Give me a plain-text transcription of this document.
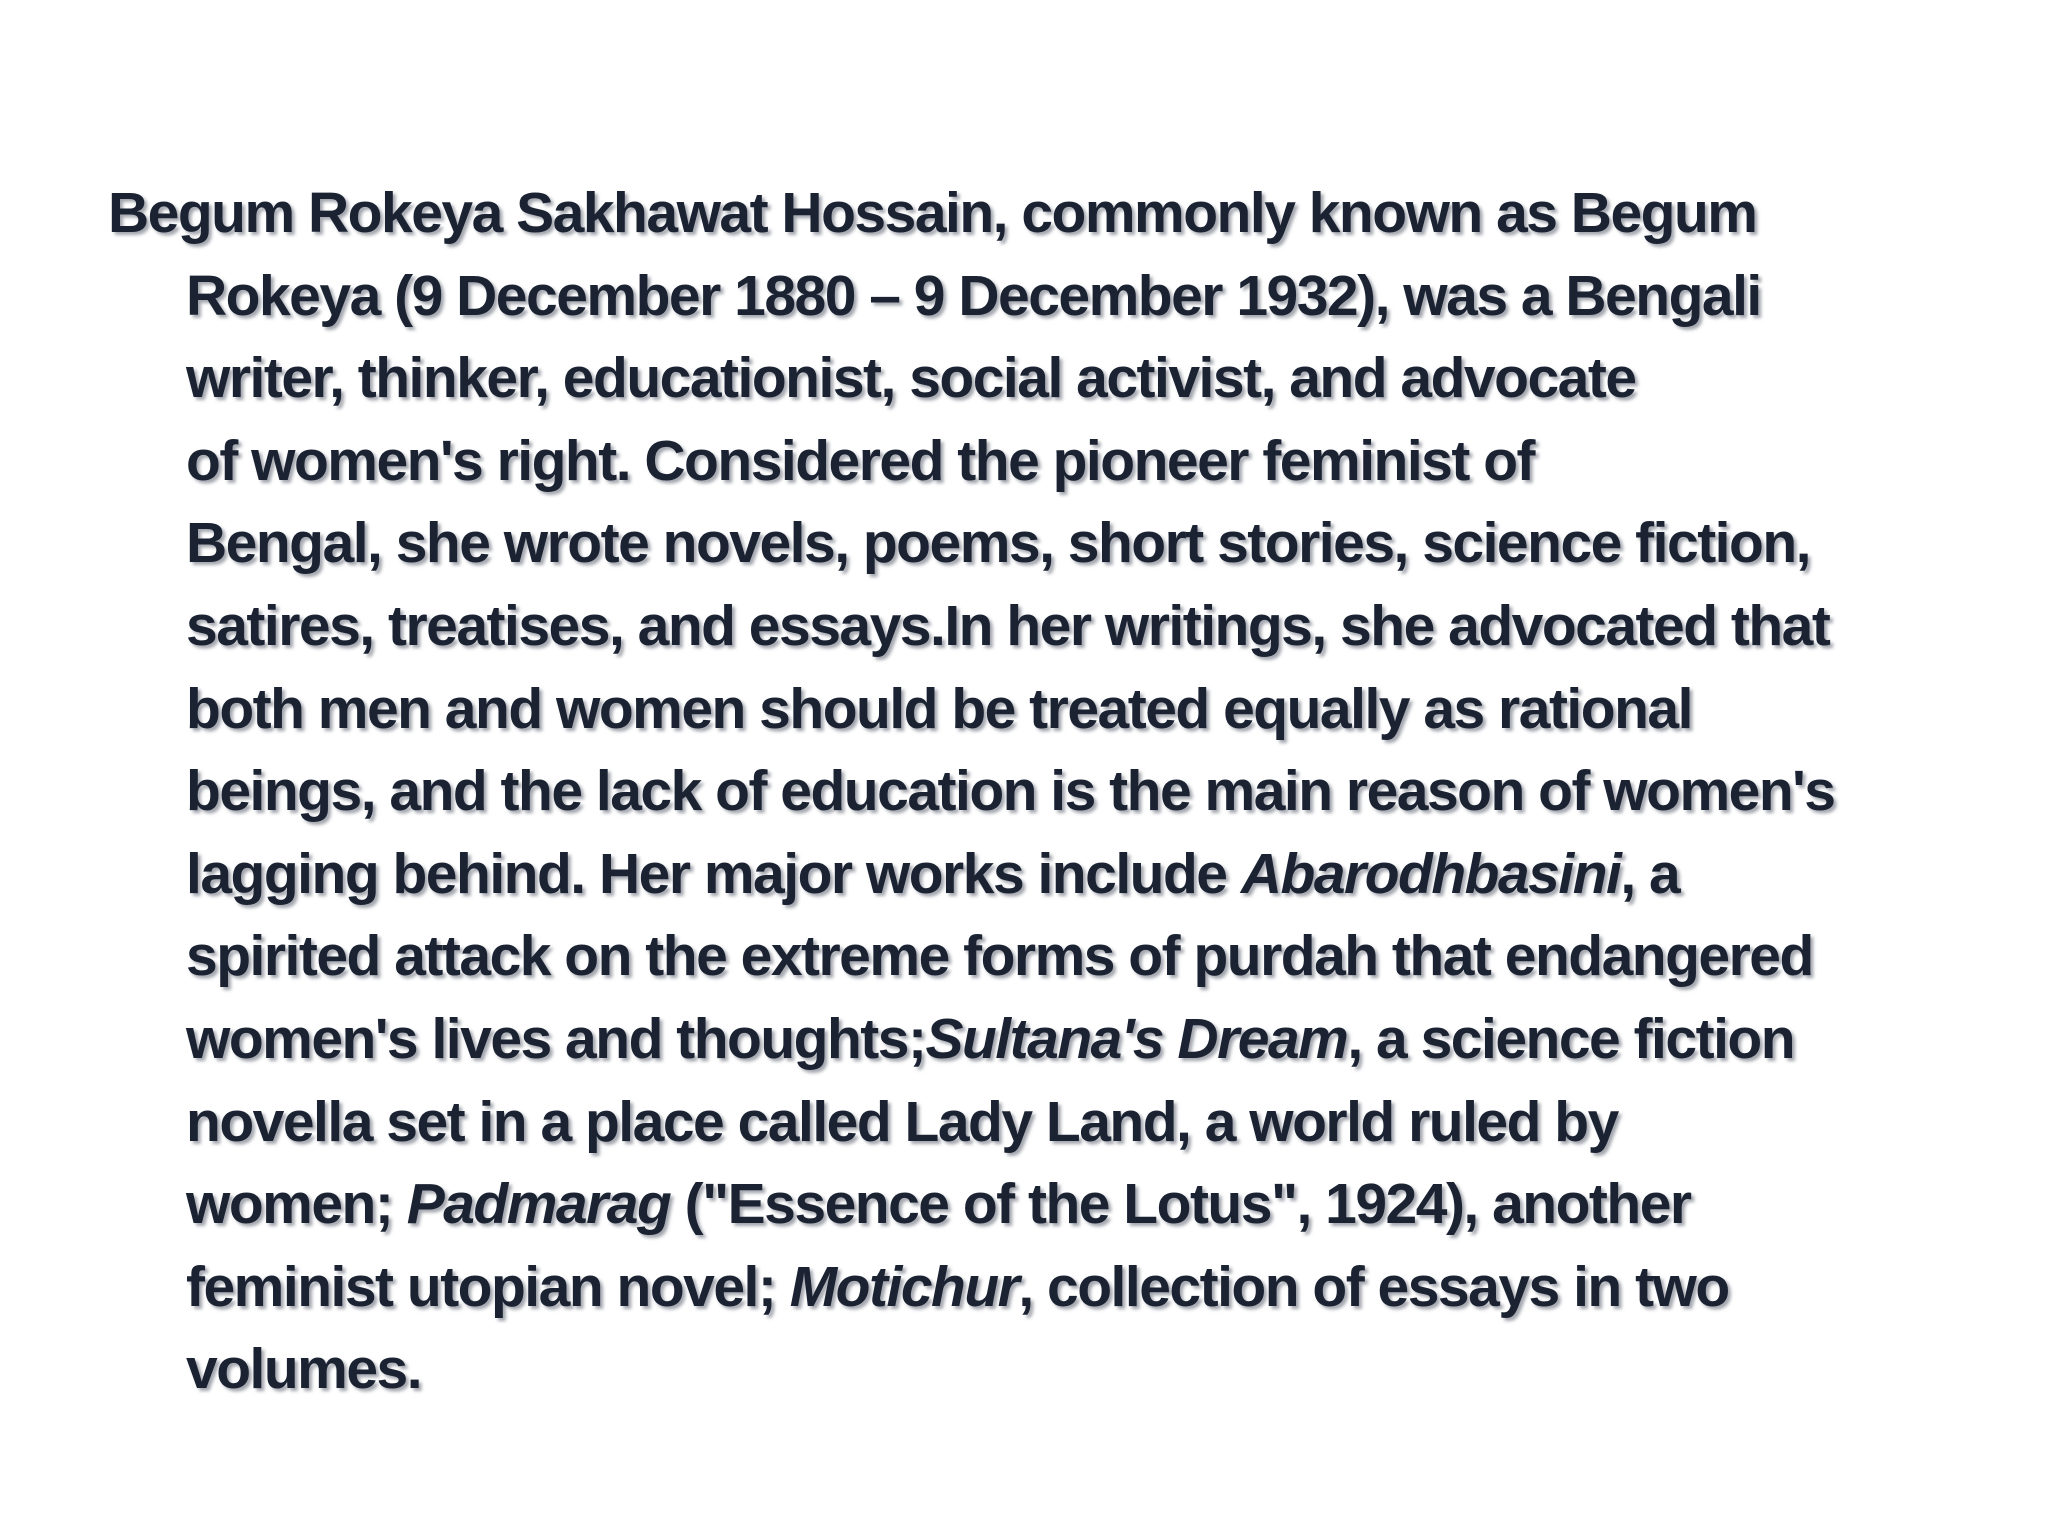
Begum Rokeya Sakhawat Hossain, commonly known as Begum
Rokeya (9 December 1880 – 9 December 1932), was a Bengali
writer, thinker, educationist, social activist, and advocate
of women's right. Considered the pioneer feminist of
Bengal, she wrote novels, poems, short stories, science fiction,
satires, treatises, and essays.In her writings, she advocated that
both men and women should be treated equally as rational
beings, and the lack of education is the main reason of women's
lagging behind. Her major works include Abarodhbasini, a
spirited attack on the extreme forms of purdah that endangered
women's lives and thoughts;Sultana's Dream, a science fiction
novella set in a place called Lady Land, a world ruled by
women; Padmarag ("Essence of the Lotus", 1924), another
feminist utopian novel; Motichur, collection of essays in two
volumes.
